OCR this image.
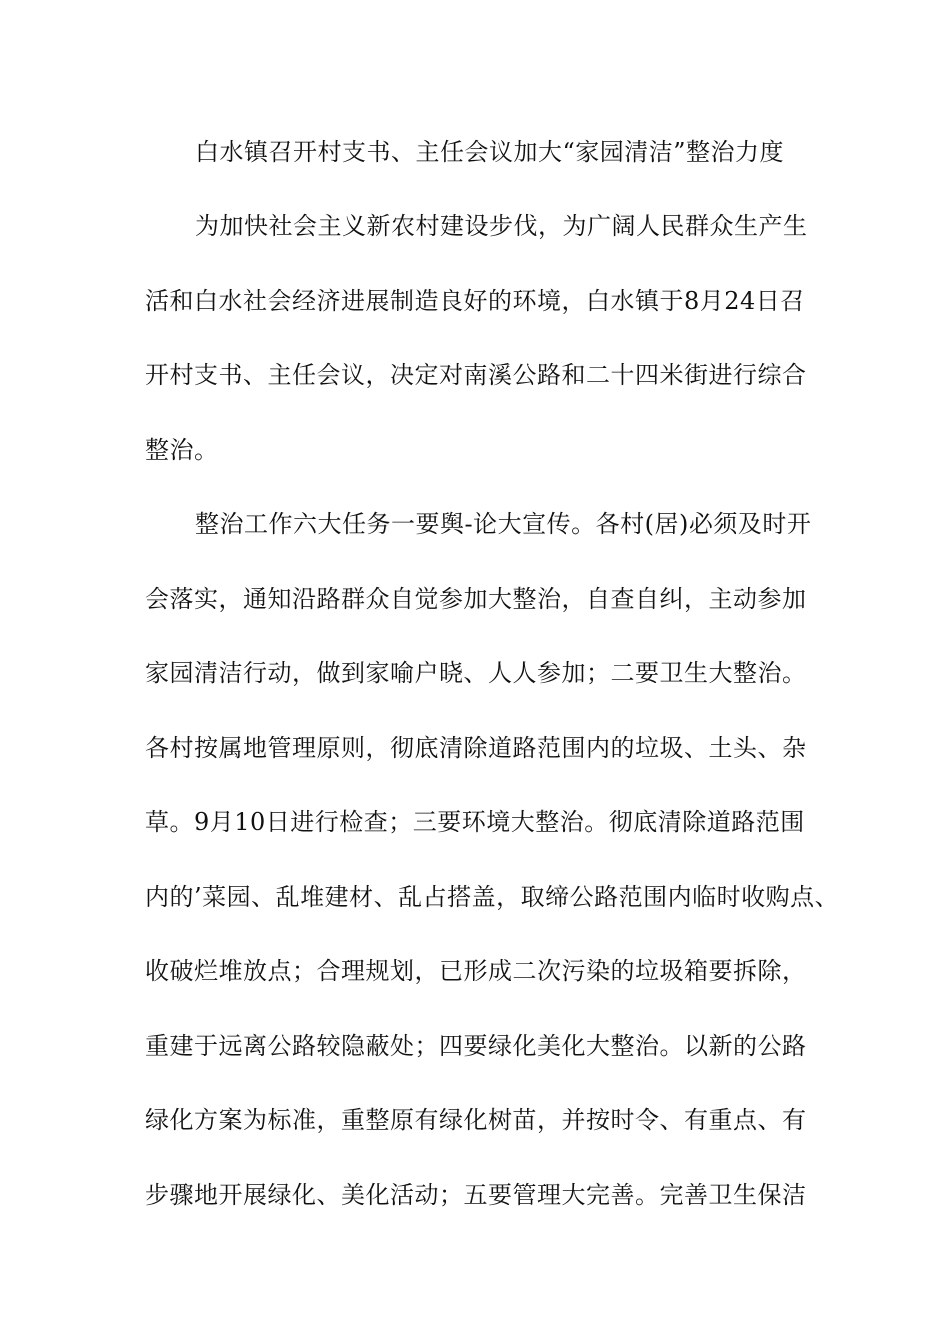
白水镇召开村支书、主任会议加大“家园清洁”整治力度
为加快社会主义新农村建设步伐，为广阔人民群众生产生
活和白水社会经济进展制造良好的环境，白水镇于8月24日召
开村支书、主任会议，决定对南溪公路和二十四米街进行综合
整治。
整治工作六大任务一要舆-论大宣传。各村(居)必须及时开
会落实，通知沿路群众自觉参加大整治，自查自纠，主动参加
家园清洁行动，做到家喻户晓、人人参加；二要卫生大整治。
各村按属地管理原则，彻底清除道路范围内的垃圾、土头、杂
草。9月10日进行检查；三要环境大整治。彻底清除道路范围
内的’菜园、乱堆建材、乱占搭盖，取缔公路范围内临时收购点、
收破烂堆放点；合理规划，已形成二次污染的垃圾箱要拆除，
重建于远离公路较隐蔽处；四要绿化美化大整治。以新的公路
绿化方案为标准，重整原有绿化树苗，并按时令、有重点、有
步骤地开展绿化、美化活动；五要管理大完善。完善卫生保洁
